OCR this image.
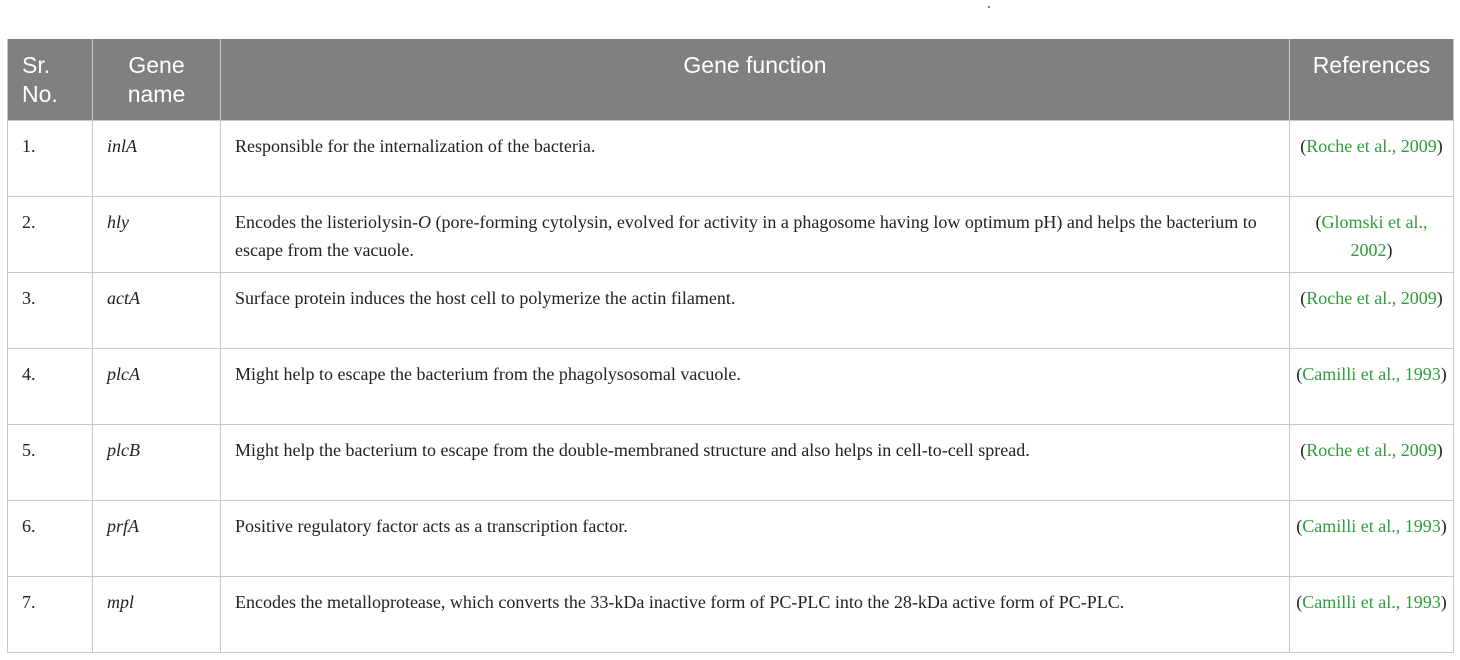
Sr. No.	Gene name	Gene function	References
1.	inlA	Responsible for the internalization of the bacteria.	(Roche et al., 2009)
2.	hly	Encodes the listeriolysin-O (pore-forming cytolysin, evolved for activity in a phagosome having low optimum pH) and helps the bacterium to escape from the vacuole.	(Glomski et al., 2002)
3.	actA	Surface protein induces the host cell to polymerize the actin filament.	(Roche et al., 2009)
4.	plcA	Might help to escape the bacterium from the phagolysosomal vacuole.	(Camilli et al., 1993)
5.	plcB	Might help the bacterium to escape from the double-membraned structure and also helps in cell-to-cell spread.	(Roche et al., 2009)
6.	prfA	Positive regulatory factor acts as a transcription factor.	(Camilli et al., 1993)
7.	mpl	Encodes the metalloprotease, which converts the 33-kDa inactive form of PC-PLC into the 28-kDa active form of PC-PLC.	(Camilli et al., 1993)
